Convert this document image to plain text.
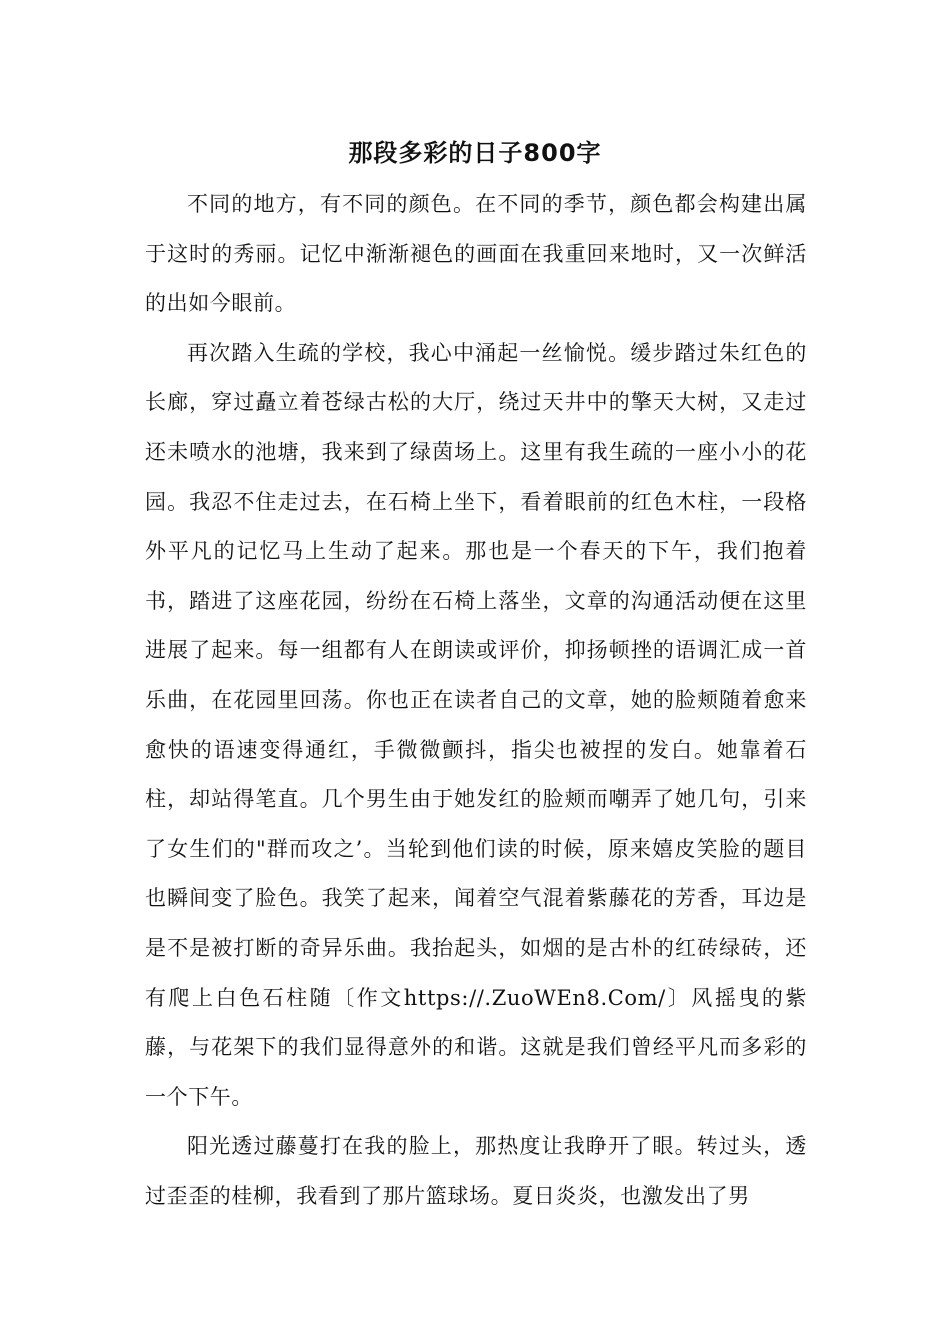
那段多彩的日子800字

不同的地方，有不同的颜色。在不同的季节，颜色都会构建出属于这时的秀丽。记忆中渐渐褪色的画面在我重回来地时，又一次鲜活的出如今眼前。

再次踏入生疏的学校，我心中涌起一丝愉悦。缓步踏过朱红色的长廊，穿过矗立着苍绿古松的大厅，绕过天井中的擎天大树，又走过还未喷水的池塘，我来到了绿茵场上。这里有我生疏的一座小小的花园。我忍不住走过去，在石椅上坐下，看着眼前的红色木柱，一段格外平凡的记忆马上生动了起来。那也是一个春天的下午，我们抱着书，踏进了这座花园，纷纷在石椅上落坐，文章的沟通活动便在这里进展了起来。每一组都有人在朗读或评价，抑扬顿挫的语调汇成一首乐曲，在花园里回荡。你也正在读者自己的文章，她的脸颊随着愈来愈快的语速变得通红，手微微颤抖，指尖也被捏的发白。她靠着石柱，却站得笔直。几个男生由于她发红的脸颊而嘲弄了她几句，引来了女生们的"群而攻之’。当轮到他们读的时候，原来嬉皮笑脸的题目也瞬间变了脸色。我笑了起来，闻着空气混着紫藤花的芳香，耳边是是不是被打断的奇异乐曲。我抬起头，如烟的是古朴的红砖绿砖，还有爬上白色石柱随〔作文https://.ZuoWEn8.Com/〕风摇曳的紫藤，与花架下的我们显得意外的和谐。这就是我们曾经平凡而多彩的一个下午。

阳光透过藤蔓打在我的脸上，那热度让我睁开了眼。转过头，透过歪歪的桂柳，我看到了那片篮球场。夏日炎炎，也激发出了男
